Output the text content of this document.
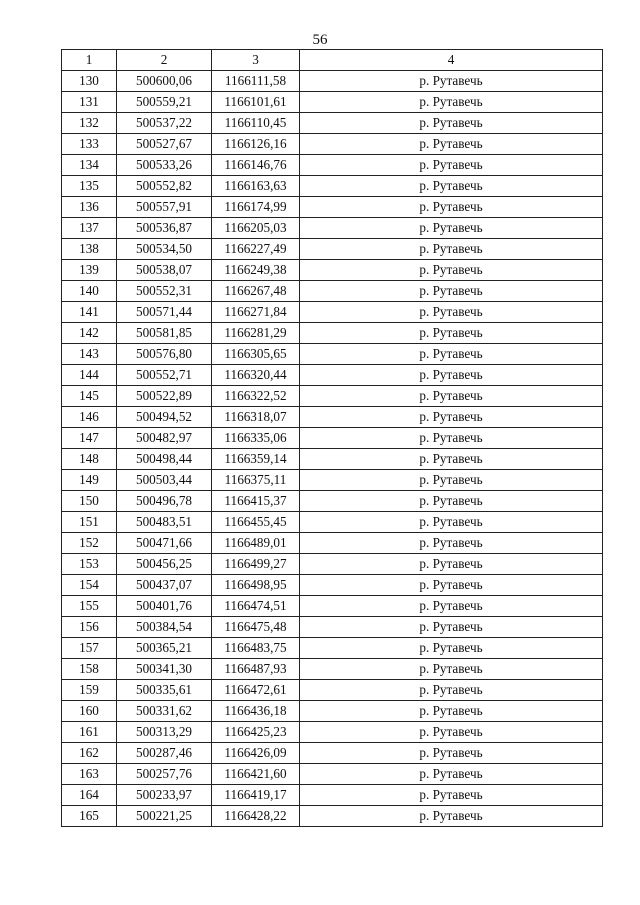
56
1	2	3	4
130	500600,06	1166111,58	р. Рутавечь
131	500559,21	1166101,61	р. Рутавечь
132	500537,22	1166110,45	р. Рутавечь
133	500527,67	1166126,16	р. Рутавечь
134	500533,26	1166146,76	р. Рутавечь
135	500552,82	1166163,63	р. Рутавечь
136	500557,91	1166174,99	р. Рутавечь
137	500536,87	1166205,03	р. Рутавечь
138	500534,50	1166227,49	р. Рутавечь
139	500538,07	1166249,38	р. Рутавечь
140	500552,31	1166267,48	р. Рутавечь
141	500571,44	1166271,84	р. Рутавечь
142	500581,85	1166281,29	р. Рутавечь
143	500576,80	1166305,65	р. Рутавечь
144	500552,71	1166320,44	р. Рутавечь
145	500522,89	1166322,52	р. Рутавечь
146	500494,52	1166318,07	р. Рутавечь
147	500482,97	1166335,06	р. Рутавечь
148	500498,44	1166359,14	р. Рутавечь
149	500503,44	1166375,11	р. Рутавечь
150	500496,78	1166415,37	р. Рутавечь
151	500483,51	1166455,45	р. Рутавечь
152	500471,66	1166489,01	р. Рутавечь
153	500456,25	1166499,27	р. Рутавечь
154	500437,07	1166498,95	р. Рутавечь
155	500401,76	1166474,51	р. Рутавечь
156	500384,54	1166475,48	р. Рутавечь
157	500365,21	1166483,75	р. Рутавечь
158	500341,30	1166487,93	р. Рутавечь
159	500335,61	1166472,61	р. Рутавечь
160	500331,62	1166436,18	р. Рутавечь
161	500313,29	1166425,23	р. Рутавечь
162	500287,46	1166426,09	р. Рутавечь
163	500257,76	1166421,60	р. Рутавечь
164	500233,97	1166419,17	р. Рутавечь
165	500221,25	1166428,22	р. Рутавечь
